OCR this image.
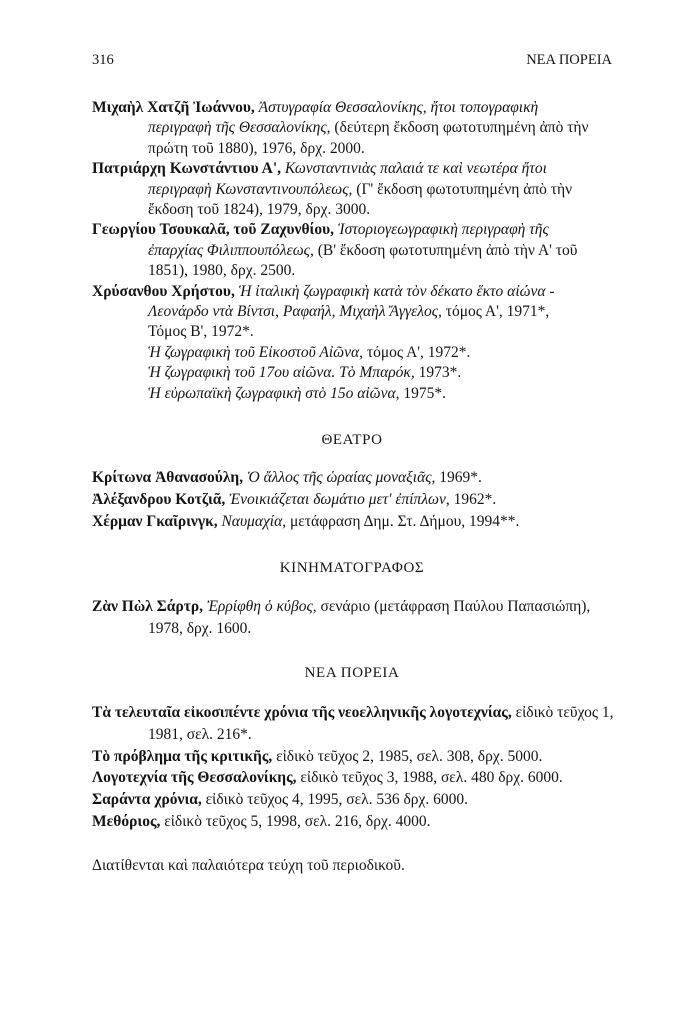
316	ΝΕΑ ΠΟΡΕΙΑ
Μιχαὴλ Χατζῆ Ἰωάννου, Ἀστυγραφία Θεσσαλονίκης, ἤτοι τοπογραφικὴ
περιγραφὴ τῆς Θεσσαλονίκης, (δεύτερη ἔκδοση φωτοτυπημένη ἀπὸ τὴν
πρώτη τοῦ 1880), 1976, δρχ. 2000.
Πατριάρχη Κωνστάντιου Α', Κωνσταντινιὰς παλαιά τε καὶ νεωτέρα ἤτοι
περιγραφὴ Κωνσταντινουπόλεως, (Γ' ἔκδοση φωτοτυπημένη ἀπὸ τὴν
ἔκδοση τοῦ 1824), 1979, δρχ. 3000.
Γεωργίου Τσουκαλᾶ, τοῦ Ζαχυνθίου, Ἱστοριογεωγραφικὴ περιγραφὴ τῆς
ἐπαρχίας Φιλιππουπόλεως, (Β' ἔκδοση φωτοτυπημένη ἀπὸ τὴν Α' τοῦ
1851), 1980, δρχ. 2500.
Χρύσανθου Χρήστου, Ἡ ἰταλικὴ ζωγραφικὴ κατὰ τὸν δέκατο ἕκτο αἰώνα -
Λεονάρδο ντὰ Βίντσι, Ραφαήλ, Μιχαὴλ Ἄγγελος, τόμος Α', 1971*,
Τόμος Β', 1972*.
Ἡ ζωγραφικὴ τοῦ Εἰκοστοῦ Αἰῶνα, τόμος Α', 1972*.
Ἡ ζωγραφικὴ τοῦ 17ου αἰῶνα. Τὸ Μπαρόκ, 1973*.
Ἡ εὐρωπαϊκὴ ζωγραφικὴ στὸ 15ο αἰῶνα, 1975*.
ΘΕΑΤΡΟ
Κρίτωνα Ἀθανασούλη, Ὁ ἄλλος τῆς ὡραίας μοναξιᾶς, 1969*.
Ἀλέξανδρου Κοτζιᾶ, Ἐνοικιάζεται δωμάτιο μετ' ἐπίπλων, 1962*.
Χέρμαν Γκαῖρινγκ, Ναυμαχία, μετάφραση Δημ. Στ. Δήμου, 1994**.
ΚΙΝΗΜΑΤΟΓΡΑΦΟΣ
Ζὰν Πὼλ Σάρτρ, Ἐρρίφθη ὁ κύβος, σενάριο (μετάφραση Παύλου Παπασιώπη),
1978, δρχ. 1600.
ΝΕΑ ΠΟΡΕΙΑ
Τὰ τελευταῖα εἰκοσιπέντε χρόνια τῆς νεοελληνικῆς λογοτεχνίας, εἰδικὸ τεῦχος 1,
1981, σελ. 216*.
Τὸ πρόβλημα τῆς κριτικῆς, εἰδικὸ τεῦχος 2, 1985, σελ. 308, δρχ. 5000.
Λογοτεχνία τῆς Θεσσαλονίκης, εἰδικὸ τεῦχος 3, 1988, σελ. 480 δρχ. 6000.
Σαράντα χρόνια, εἰδικὸ τεῦχος 4, 1995, σελ. 536 δρχ. 6000.
Μεθόριος, εἰδικὸ τεῦχος 5, 1998, σελ. 216, δρχ. 4000.
Διατίθενται καὶ παλαιότερα τεύχη τοῦ περιοδικοῦ.
